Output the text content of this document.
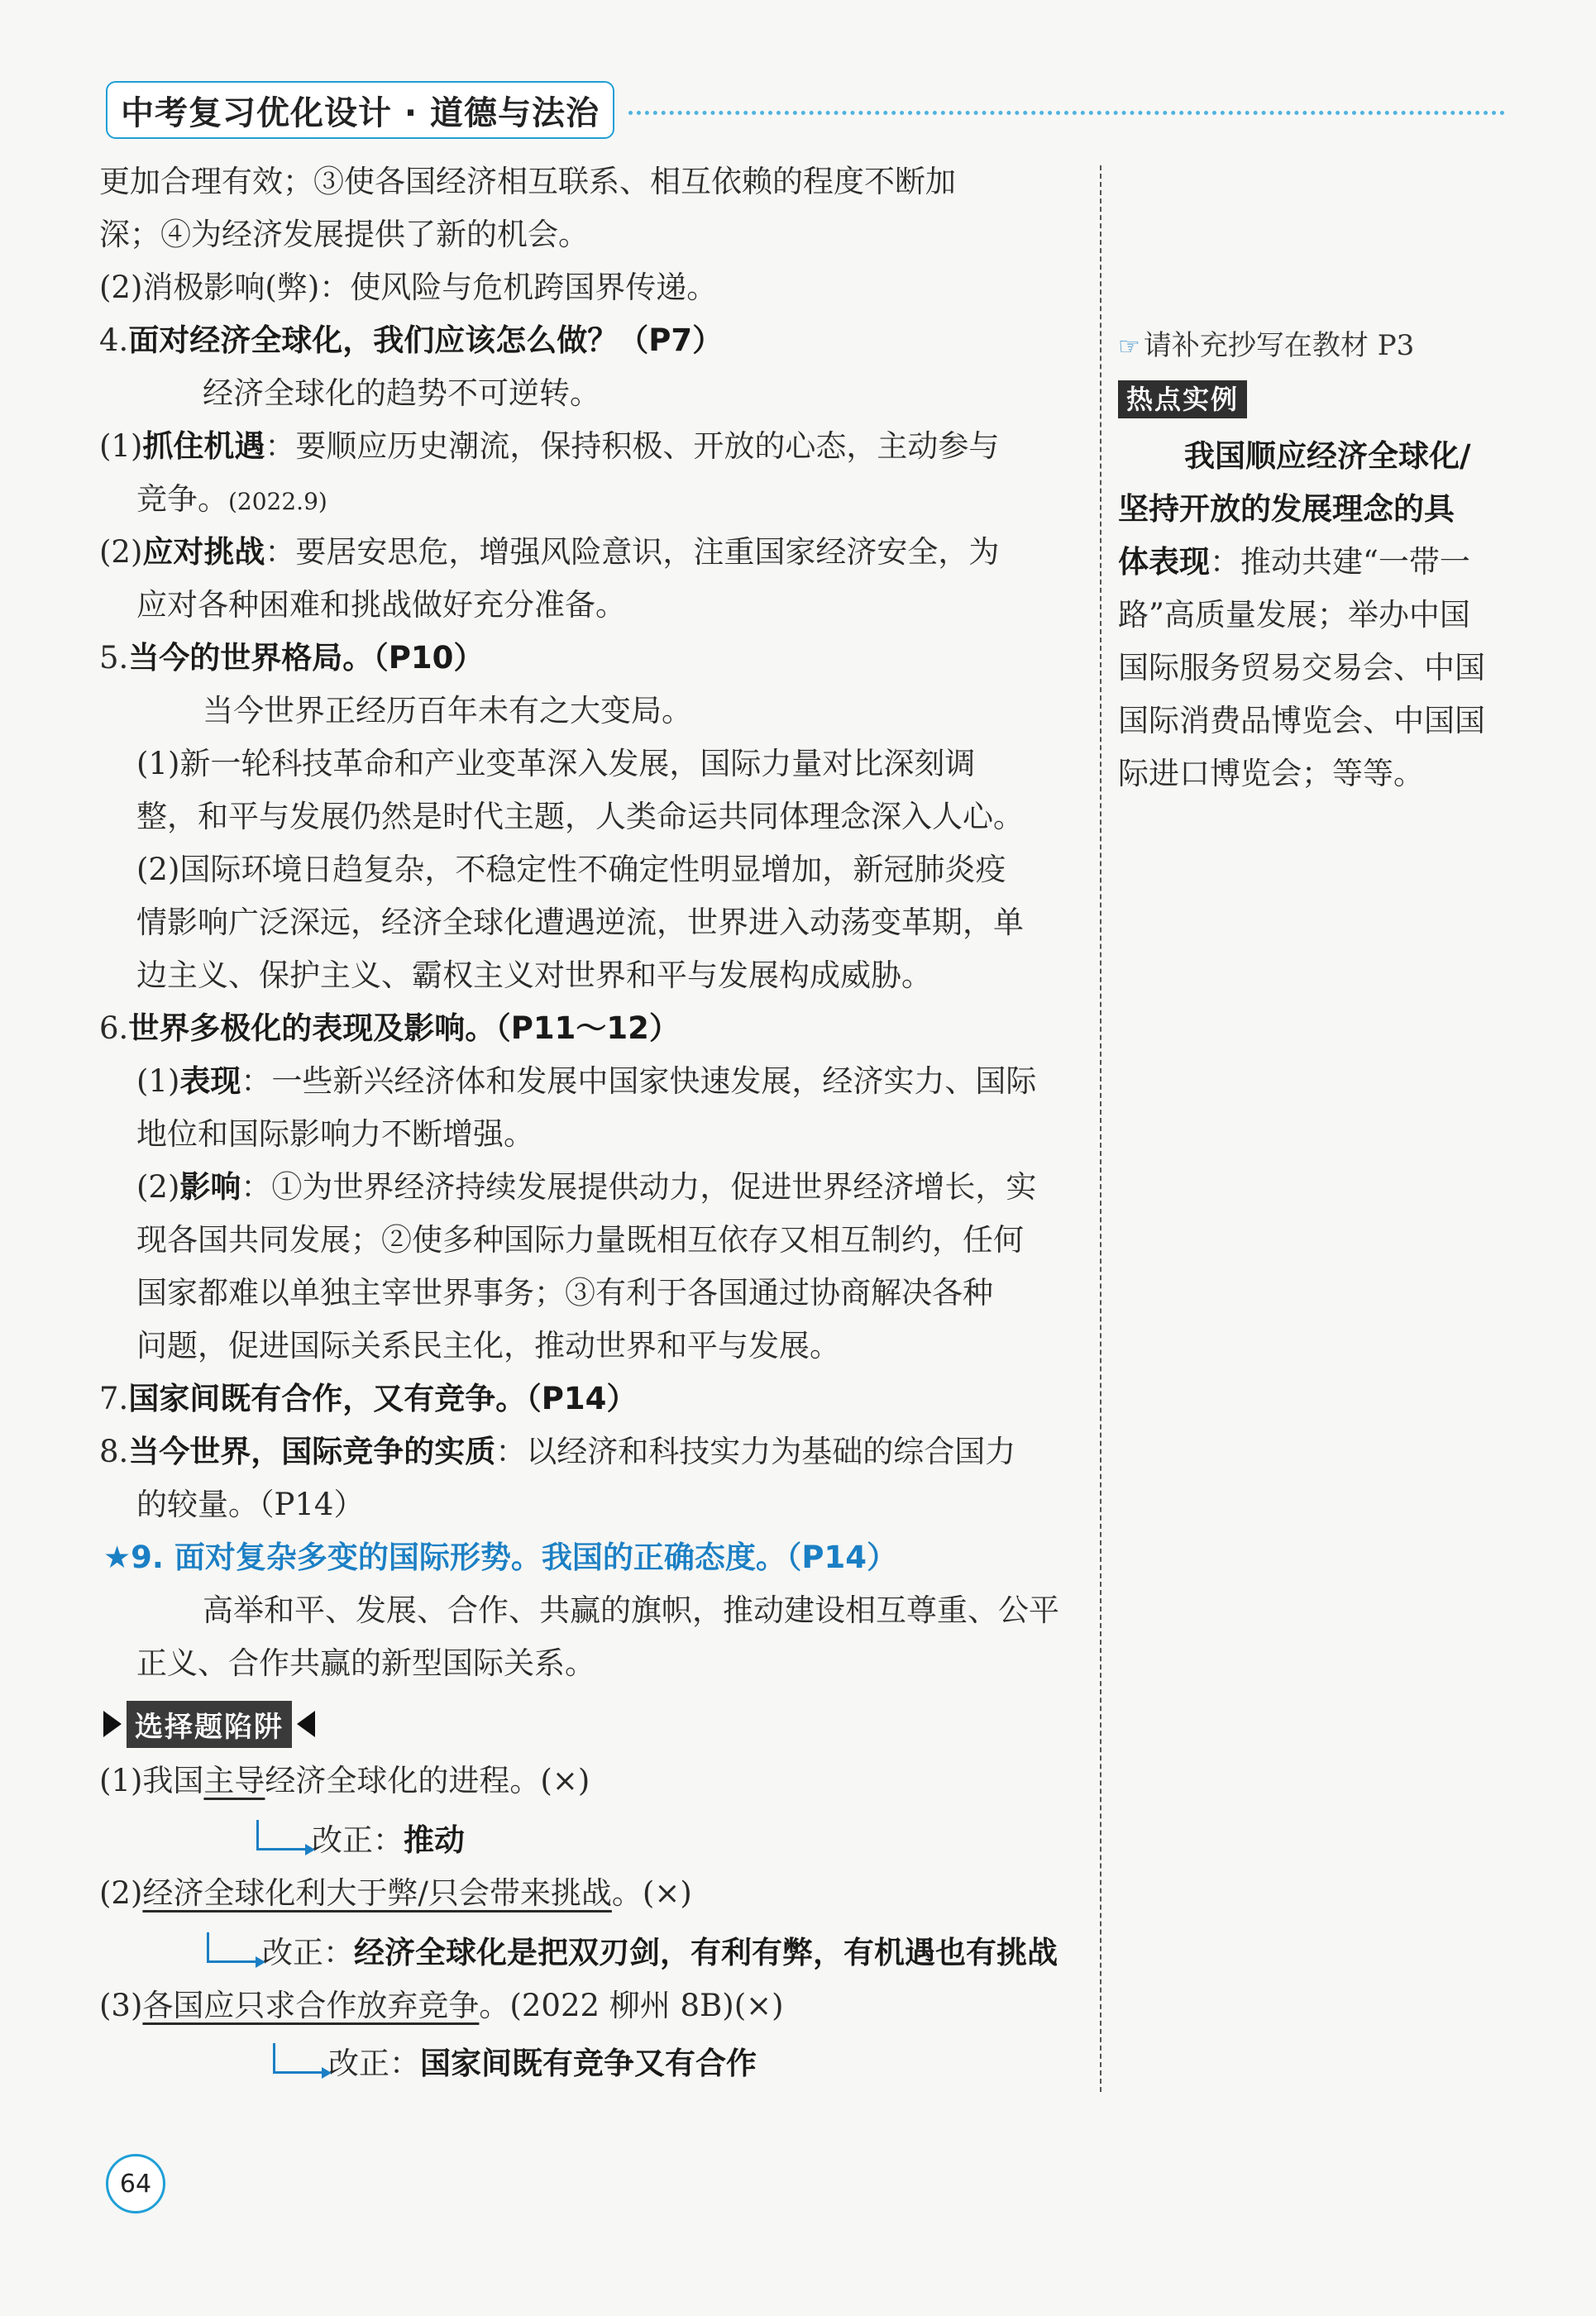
中考复习优化设计 · 道德与法治
更加合理有效；③使各国经济相互联系、相互依赖的程度不断加
深；④为经济发展提供了新的机会。
(2)消极影响(弊)：使风险与危机跨国界传递。
4.面对经济全球化，我们应该怎么做？（P7）
经济全球化的趋势不可逆转。
(1)抓住机遇：要顺应历史潮流，保持积极、开放的心态，主动参与
竞争。(2022.9)
(2)应对挑战：要居安思危，增强风险意识，注重国家经济安全，为
应对各种困难和挑战做好充分准备。
5.当今的世界格局。（P10）
当今世界正经历百年未有之大变局。
(1)新一轮科技革命和产业变革深入发展，国际力量对比深刻调
整，和平与发展仍然是时代主题，人类命运共同体理念深入人心。
(2)国际环境日趋复杂，不稳定性不确定性明显增加，新冠肺炎疫
情影响广泛深远，经济全球化遭遇逆流，世界进入动荡变革期，单
边主义、保护主义、霸权主义对世界和平与发展构成威胁。
6.世界多极化的表现及影响。（P11～12）
(1)表现：一些新兴经济体和发展中国家快速发展，经济实力、国际
地位和国际影响力不断增强。
(2)影响：①为世界经济持续发展提供动力，促进世界经济增长，实
现各国共同发展；②使多种国际力量既相互依存又相互制约，任何
国家都难以单独主宰世界事务；③有利于各国通过协商解决各种
问题，促进国际关系民主化，推动世界和平与发展。
7.国家间既有合作，又有竞争。（P14）
8.当今世界，国际竞争的实质：以经济和科技实力为基础的综合国力
的较量。（P14）
★9. 面对复杂多变的国际形势。我国的正确态度。（P14）
高举和平、发展、合作、共赢的旗帜，推动建设相互尊重、公平
正义、合作共赢的新型国际关系。
选择题陷阱
(1)我国主导经济全球化的进程。(×)
改正： 推动
(2)经济全球化利大于弊/只会带来挑战。(×)
改正： 经济全球化是把双刃剑，有利有弊，有机遇也有挑战
(3)各国应只求合作放弃竞争。(2022 柳州 8B)(×)
改正： 国家间既有竞争又有合作
☞ 请补充抄写在教材 P3
热点实例
我国顺应经济全球化/
坚持开放的发展理念的具
体表现：推动共建“一带一
路”高质量发展；举办中国
国际服务贸易交易会、中国
国际消费品博览会、中国国
际进口博览会；等等。
64
